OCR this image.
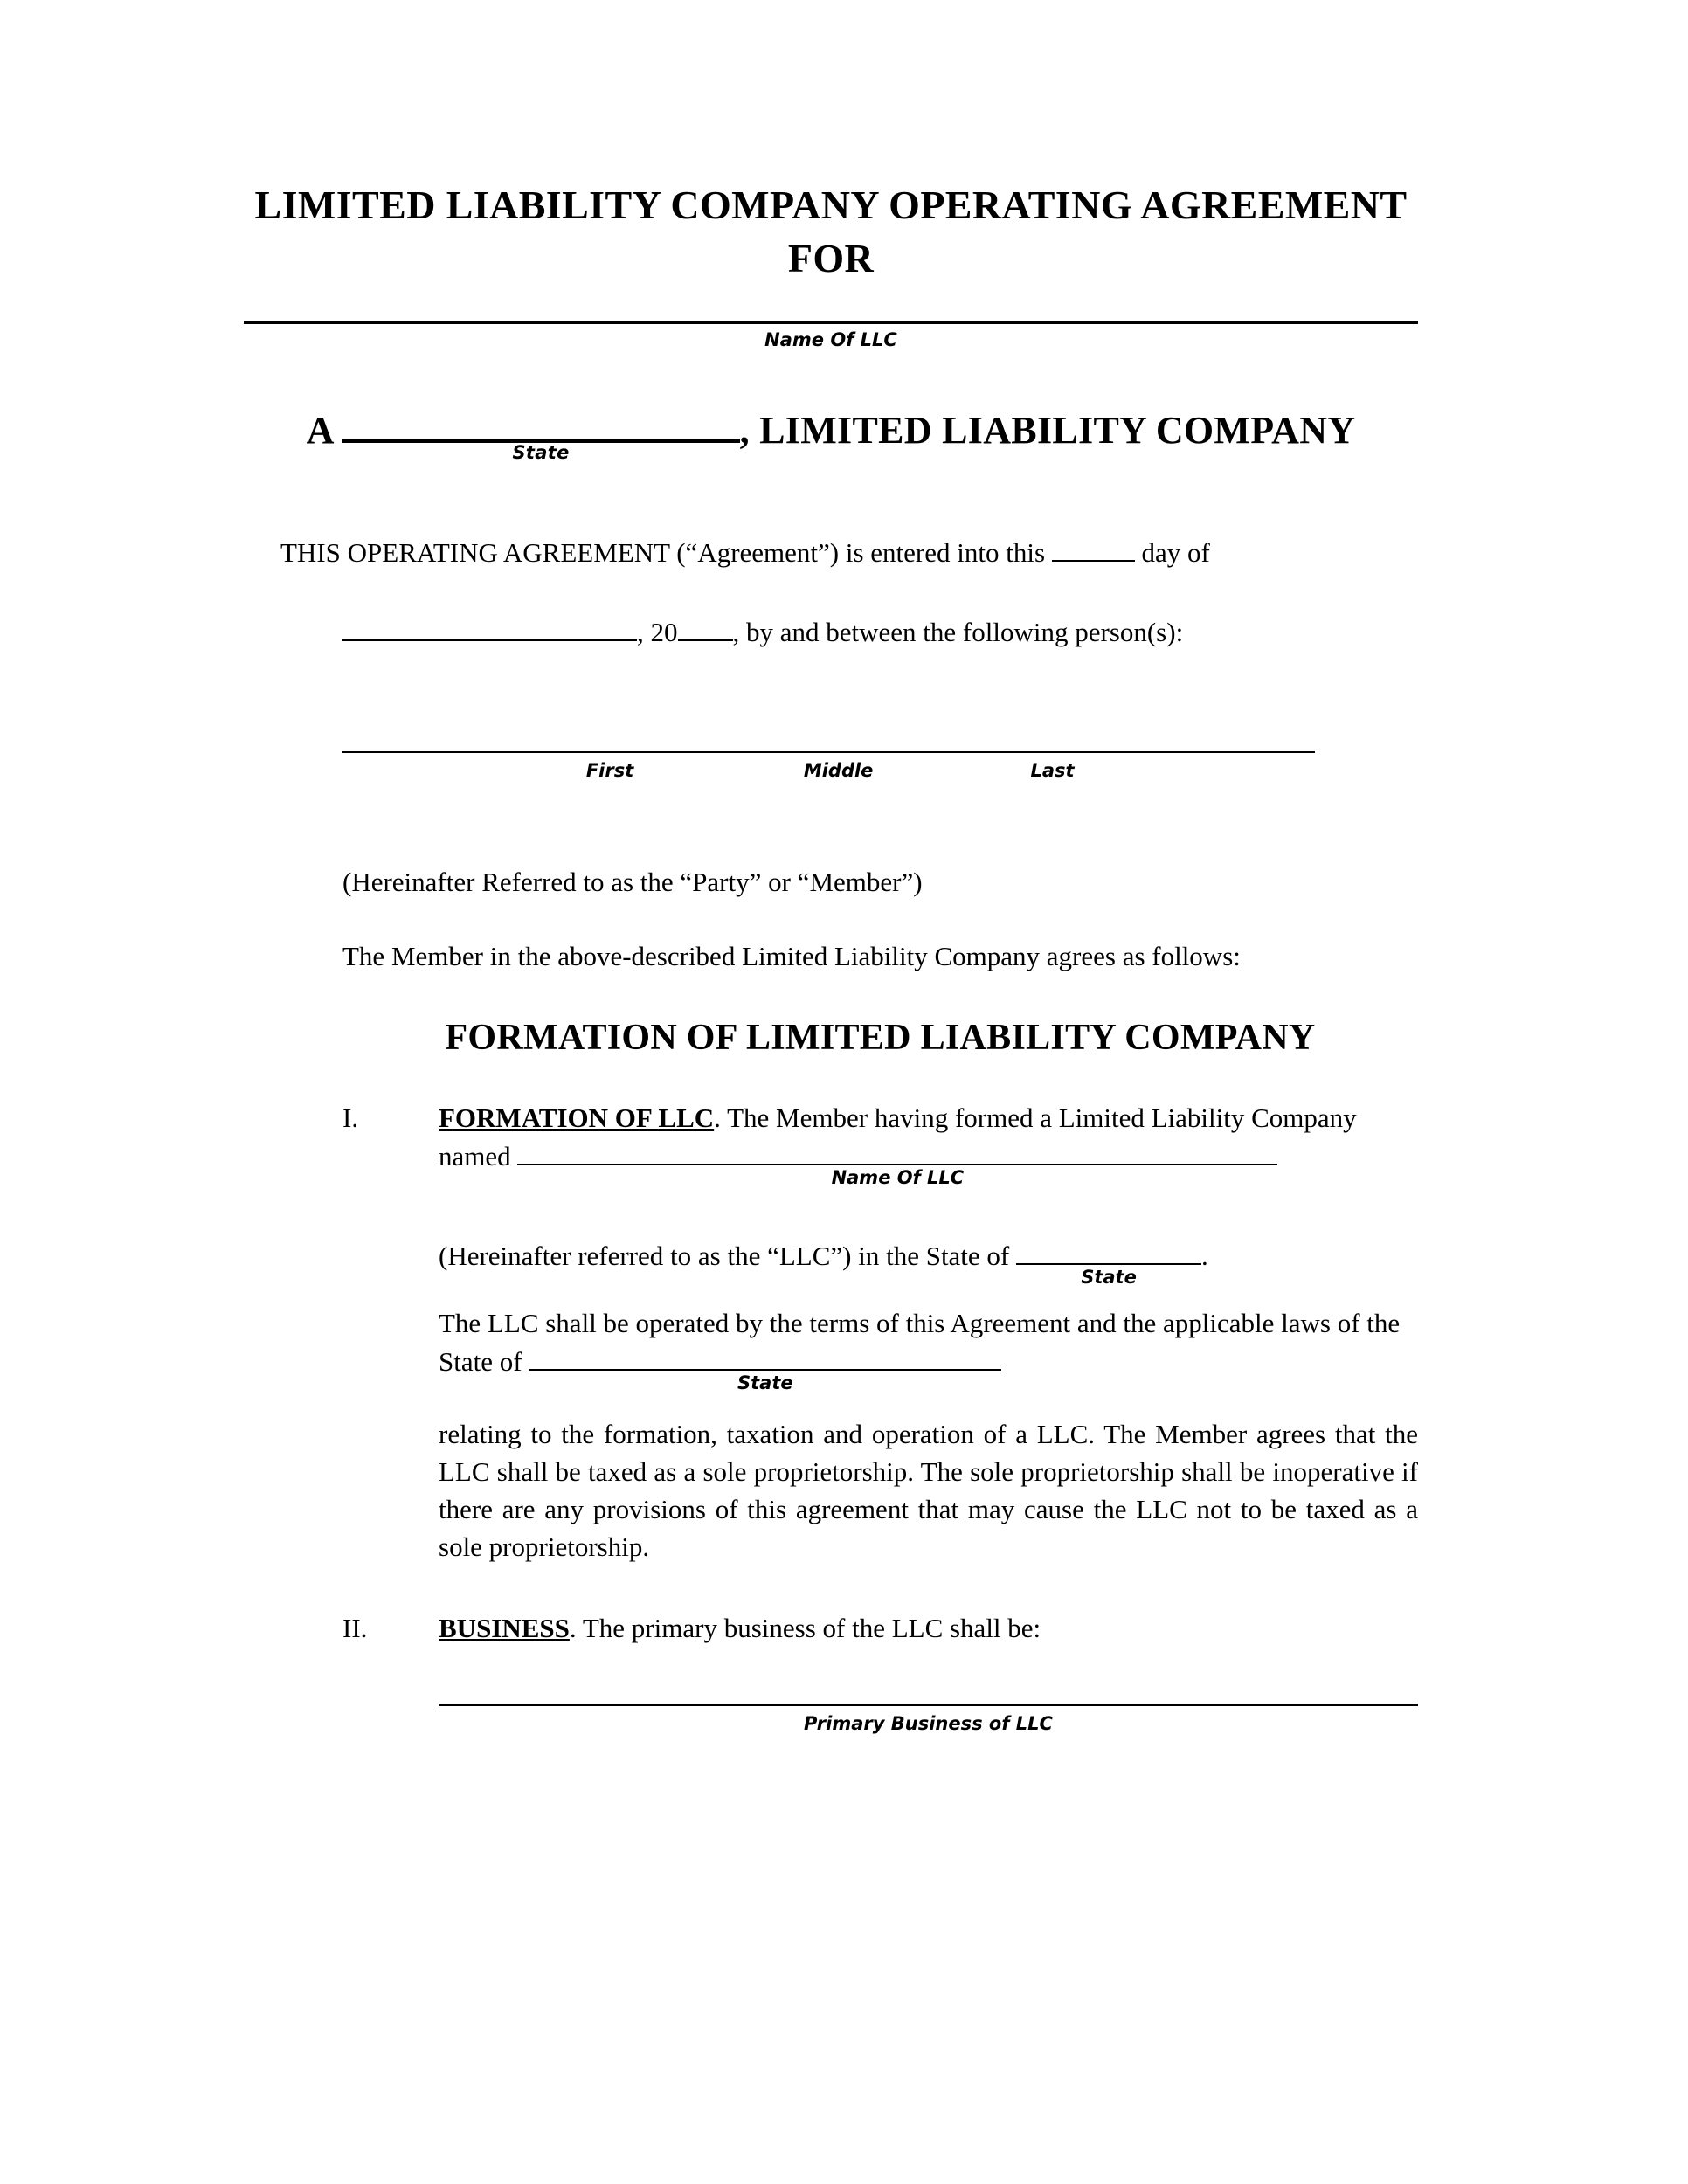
LIMITED LIABILITY COMPANY OPERATING AGREEMENT
FOR
Name Of LLC
A
State
, LIMITED LIABILITY COMPANY

THIS OPERATING AGREEMENT (“Agreement”) is entered into this	day of

, 20 , by and between the following person(s):

First	Middle	Last

(Hereinafter Referred to as the “Party” or “Member”)

The Member in the above-described Limited Liability Company agrees as follows:

FORMATION OF LIMITED LIABILITY COMPANY
I.	FORMATION OF LLC. The Member having formed a Limited Liability Company named
Name Of LLC

(Hereinafter referred to as the “LLC”) in the State of
State
.

The LLC shall be operated by the terms of this Agreement and the applicable laws of the State of
State

relating to the formation, taxation and operation of a LLC. The Member agrees that the LLC shall be taxed as a sole proprietorship. The sole proprietorship shall be inoperative if there are any provisions of this agreement that may cause the LLC not to be taxed as a sole proprietorship.

II.	BUSINESS. The primary business of the LLC shall be:

Primary Business of LLC
